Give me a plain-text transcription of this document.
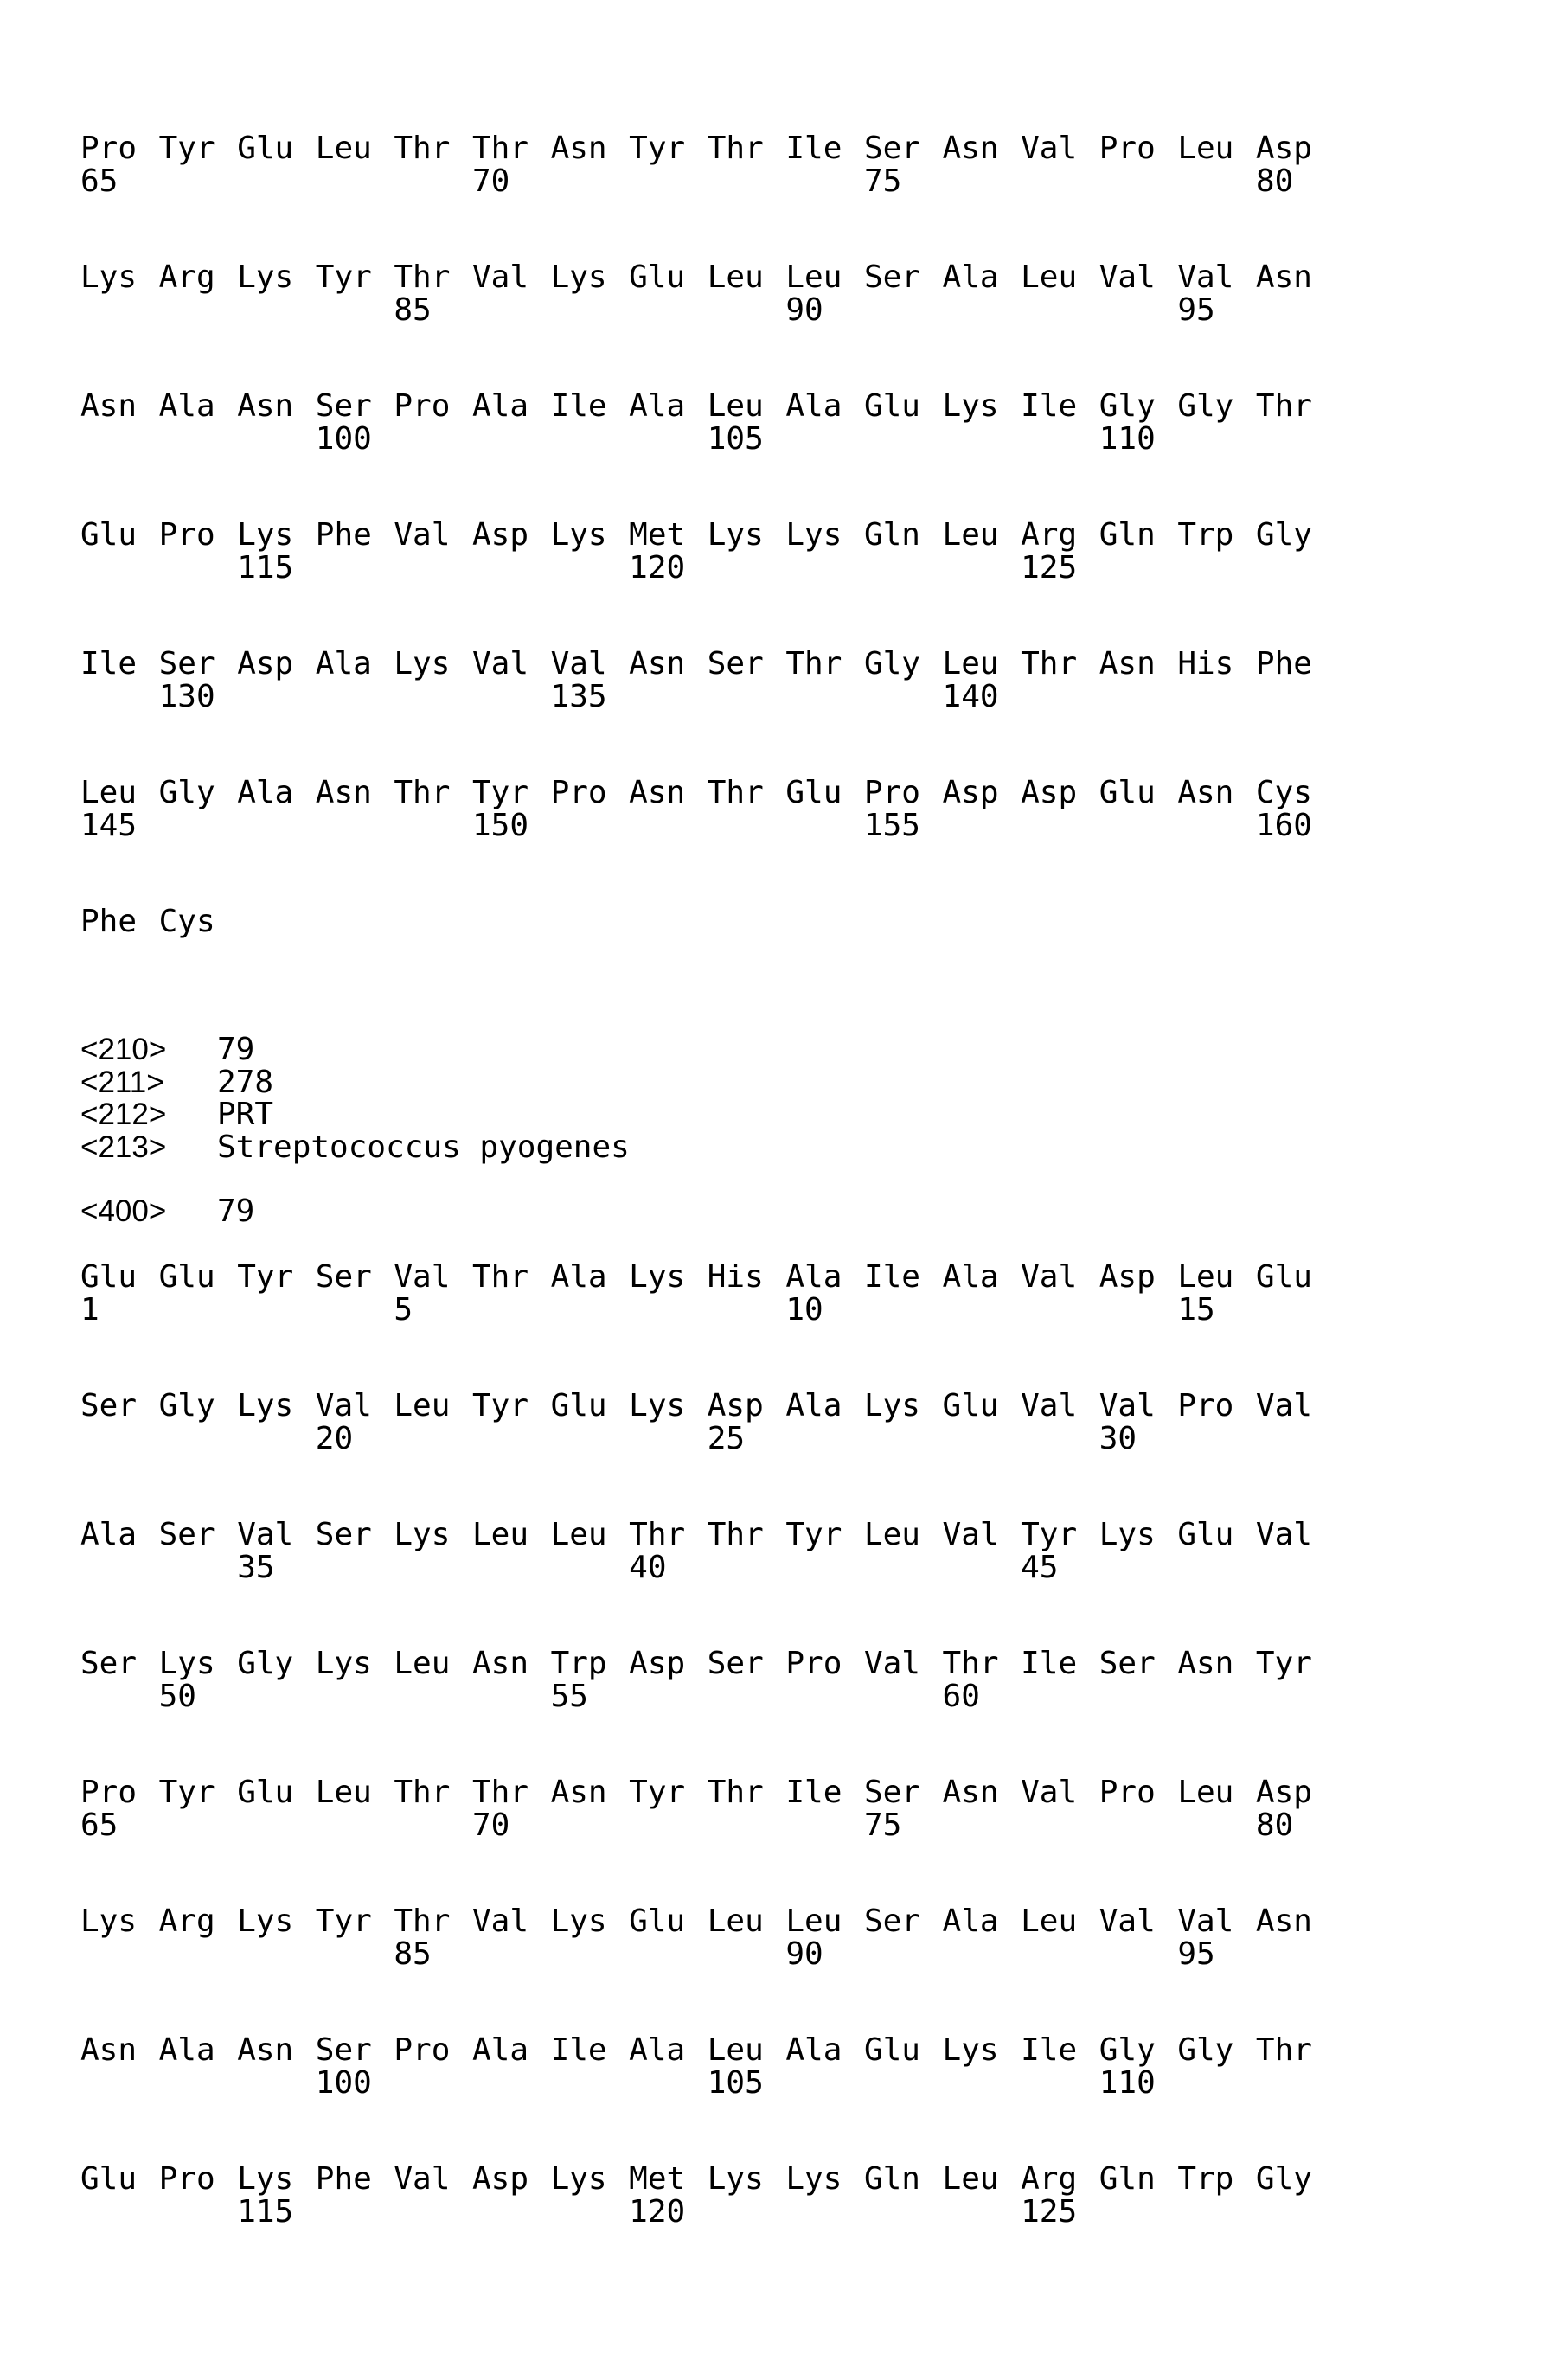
Pro Tyr Glu Leu Thr Thr Asn Tyr Thr Ile Ser Asn Val Pro Leu Asp
65	70	75	80
Lys Arg Lys Tyr Thr Val Lys Glu Leu Leu Ser Ala Leu Val Val Asn
85	90	95
Asn Ala Asn Ser Pro Ala Ile Ala Leu Ala Glu Lys Ile Gly Gly Thr
100	105	110
Glu Pro Lys Phe Val Asp Lys Met Lys Lys Gln Leu Arg Gln Trp Gly
115	120	125
Ile Ser Asp Ala Lys Val Val Asn Ser Thr Gly Leu Thr Asn His Phe
130	135	140
Leu Gly Ala Asn Thr Tyr Pro Asn Thr Glu Pro Asp Asp Glu Asn Cys
145	150	155	160
Phe Cys
<210> 79
<211> 278
<212> PRT
<213> Streptococcus pyogenes
<400> 79
Glu Glu Tyr Ser Val Thr Ala Lys His Ala Ile Ala Val Asp Leu Glu
1	5	10	15
Ser Gly Lys Val Leu Tyr Glu Lys Asp Ala Lys Glu Val Val Pro Val
20	25	30
Ala Ser Val Ser Lys Leu Leu Thr Thr Tyr Leu Val Tyr Lys Glu Val
35	40	45
Ser Lys Gly Lys Leu Asn Trp Asp Ser Pro Val Thr Ile Ser Asn Tyr
50	55	60
Pro Tyr Glu Leu Thr Thr Asn Tyr Thr Ile Ser Asn Val Pro Leu Asp
65	70	75	80
Lys Arg Lys Tyr Thr Val Lys Glu Leu Leu Ser Ala Leu Val Val Asn
85	90	95
Asn Ala Asn Ser Pro Ala Ile Ala Leu Ala Glu Lys Ile Gly Gly Thr
100	105	110
Glu Pro Lys Phe Val Asp Lys Met Lys Lys Gln Leu Arg Gln Trp Gly
115	120	125
